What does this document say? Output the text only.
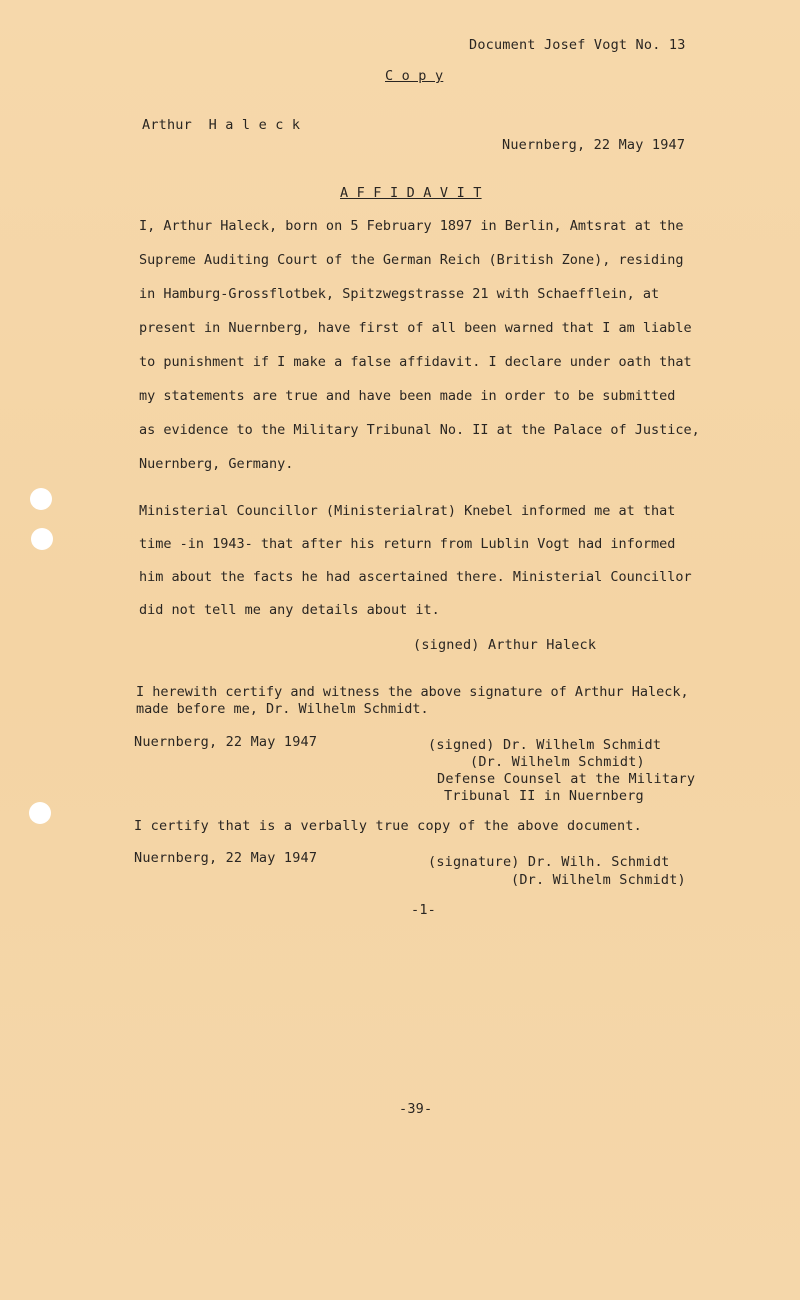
Document Josef Vogt No. 13
C o p y
Arthur  H a l e c k
Nuernberg, 22 May 1947
A F F I D A V I T
I, Arthur Haleck, born on 5 February 1897 in Berlin, Amtsrat at the
Supreme Auditing Court of the German Reich (British Zone), residing
in Hamburg-Grossflotbek, Spitzwegstrasse 21 with Schaefflein, at
present in Nuernberg, have first of all been warned that I am liable
to punishment if I make a false affidavit. I declare under oath that
my statements are true and have been made in order to be submitted
as evidence to the Military Tribunal No. II at the Palace of Justice,
Nuernberg, Germany.
Ministerial Councillor (Ministerialrat) Knebel informed me at that
time -in 1943- that after his return from Lublin Vogt had informed
him about the facts he had ascertained there. Ministerial Councillor
did not tell me any details about it.
(signed) Arthur Haleck
I herewith certify and witness the above signature of Arthur Haleck,
made before me, Dr. Wilhelm Schmidt.
Nuernberg, 22 May 1947	(signed) Dr. Wilhelm Schmidt
(Dr. Wilhelm Schmidt)
Defense Counsel at the Military
Tribunal II in Nuernberg
I certify that is a verbally true copy of the above document.
Nuernberg, 22 May 1947	(signature) Dr. Wilh. Schmidt
(Dr. Wilhelm Schmidt)
-1-
-39-
